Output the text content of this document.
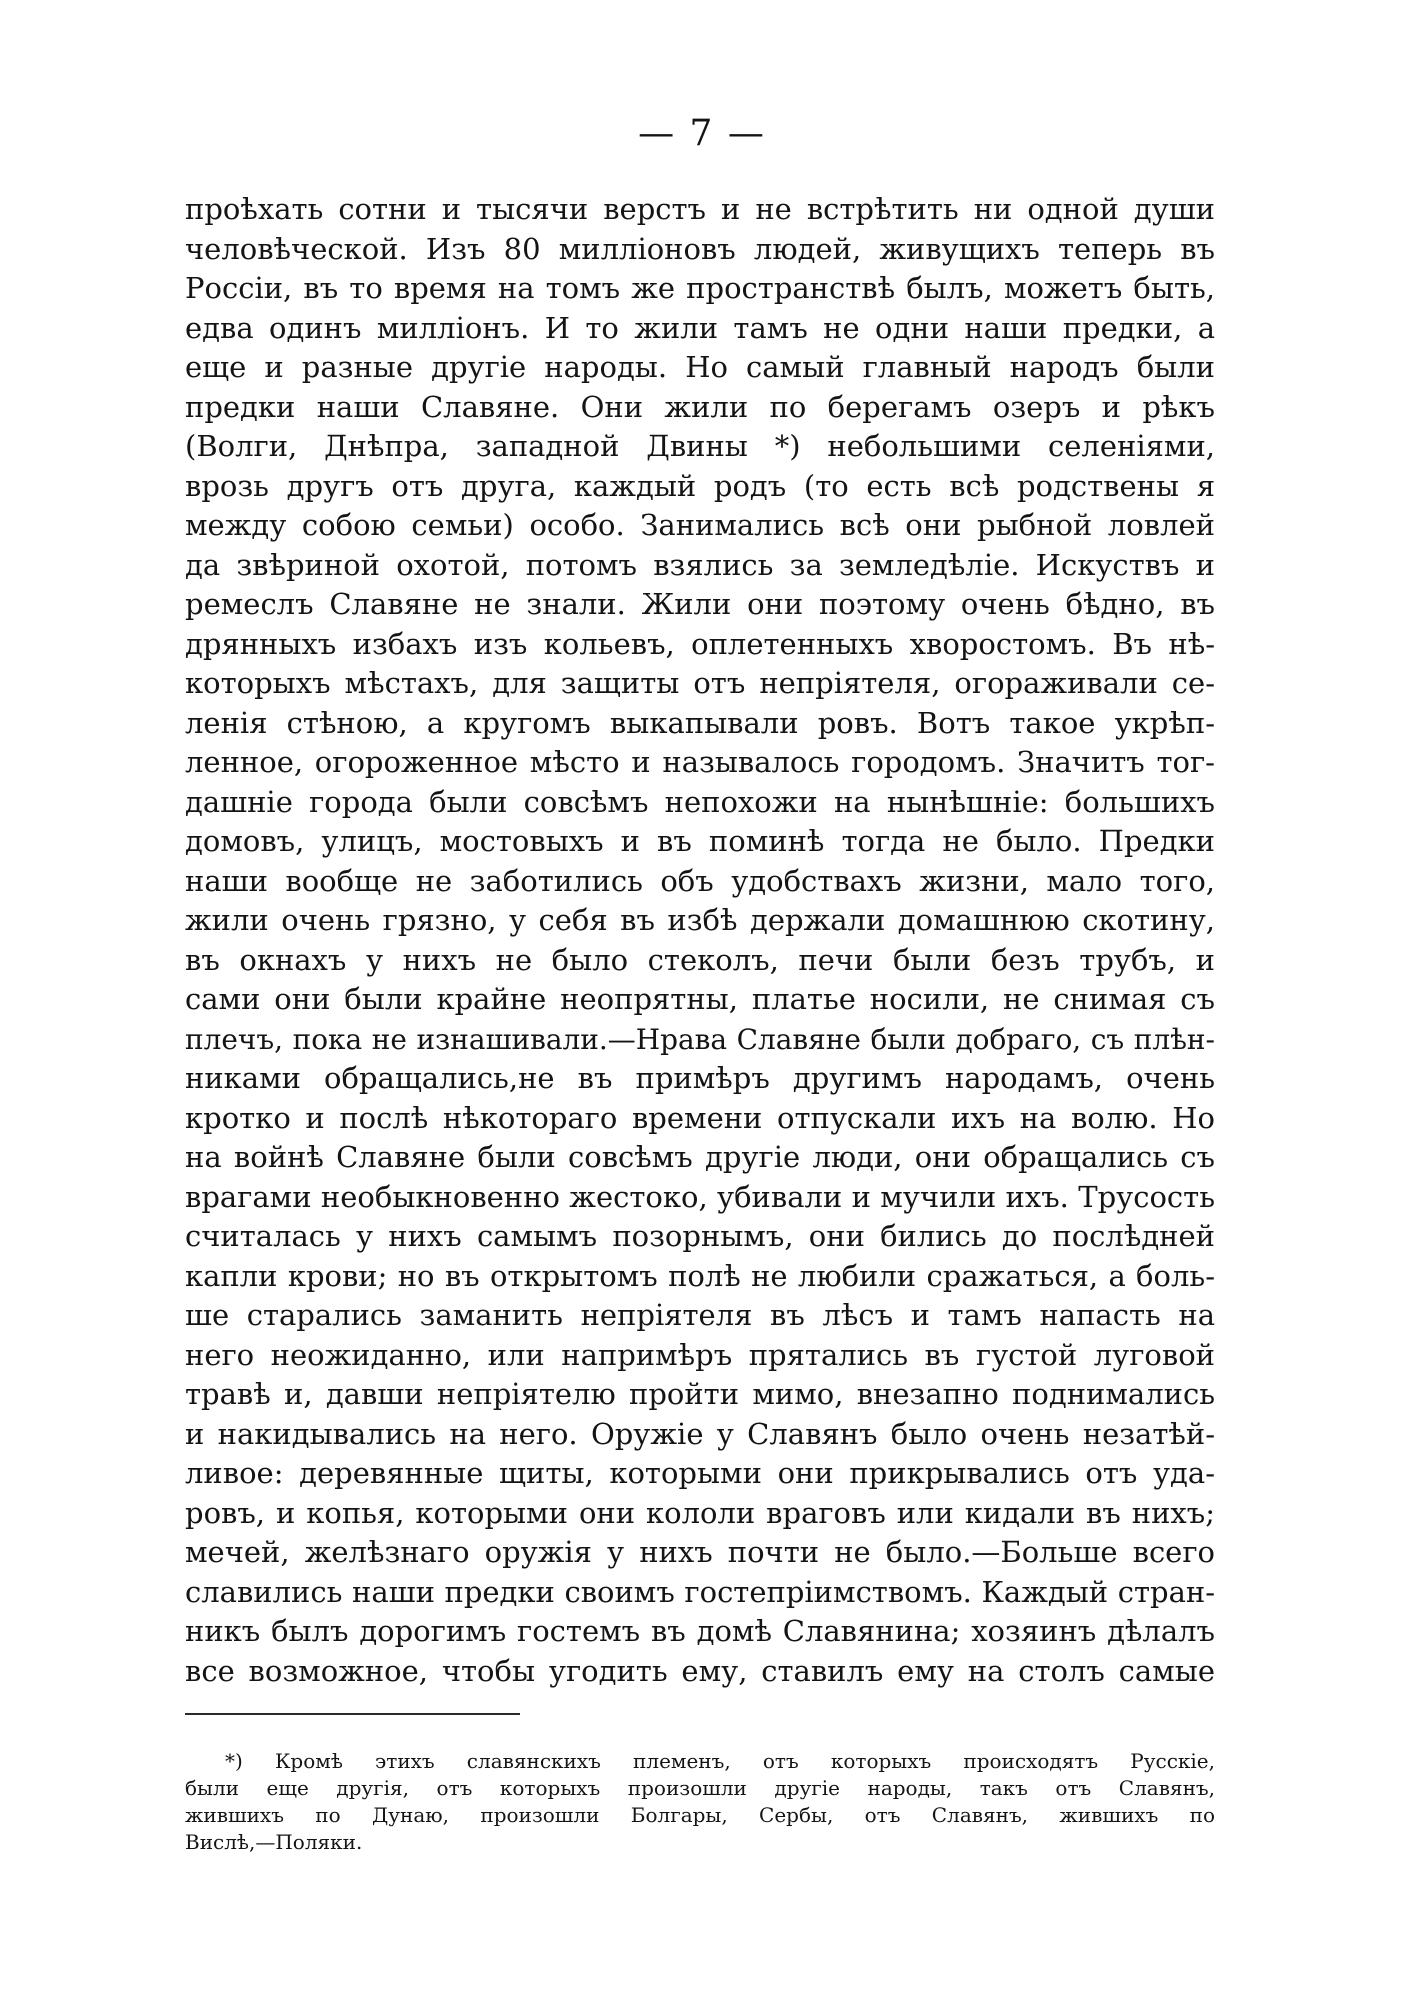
— 7 —
проѣхать сотни и тысячи верстъ и не встрѣтить ни одной души
человѣческой. Изъ 80 милліоновъ людей, живущихъ теперь въ
Россіи, въ то время на томъ же пространствѣ былъ, можетъ быть,
едва одинъ милліонъ. И то жили тамъ не одни наши предки, а
еще и разные другіе народы. Но самый главный народъ были
предки наши Славяне. Они жили по берегамъ озеръ и рѣкъ
(Волги, Днѣпра, западной Двины *) небольшими селеніями,
врозь другъ отъ друга, каждый родъ (то есть всѣ родствены я
между собою семьи) особо. Занимались всѣ они рыбной ловлей
да звѣриной охотой, потомъ взялись за земледѣліе. Искуствъ и
ремеслъ Славяне не знали. Жили они поэтому очень бѣдно, въ
дрянныхъ избахъ изъ кольевъ, оплетенныхъ хворостомъ. Въ нѣ-
которыхъ мѣстахъ, для защиты отъ непріятеля, огораживали се-
ленія стѣною, а кругомъ выкапывали ровъ. Вотъ такое укрѣп-
ленное, огороженное мѣсто и называлось городомъ. Значитъ тог-
дашніе города были совсѣмъ непохожи на нынѣшніе: большихъ
домовъ, улицъ, мостовыхъ и въ поминѣ тогда не было. Предки
наши вообще не заботились объ удобствахъ жизни, мало того,
жили очень грязно, у себя въ избѣ держали домашнюю скотину,
въ окнахъ у нихъ не было стеколъ, печи были безъ трубъ, и
сами они были крайне неопрятны, платье носили, не снимая съ
плечъ, пока не изнашивали.—Нрава Славяне были добраго, съ плѣн-
никами обращались,не въ примѣръ другимъ народамъ, очень
кротко и послѣ нѣкотораго времени отпускали ихъ на волю. Но
на войнѣ Славяне были совсѣмъ другіе люди, они обращались съ
врагами необыкновенно жестоко, убивали и мучили ихъ. Трусость
считалась у нихъ самымъ позорнымъ, они бились до послѣдней
капли крови; но въ открытомъ полѣ не любили сражаться, а боль-
ше старались заманить непріятеля въ лѣсъ и тамъ напасть на
него неожиданно, или напримѣръ прятались въ густой луговой
травѣ и, давши непріятелю пройти мимо, внезапно поднимались
и накидывались на него. Оружіе у Славянъ было очень незатѣй-
ливое: деревянные щиты, которыми они прикрывались отъ уда-
ровъ, и копья, которыми они кололи враговъ или кидали въ нихъ;
мечей, желѣзнаго оружія у нихъ почти не было.—Больше всего
славились наши предки своимъ гостепріимствомъ. Каждый стран-
никъ былъ дорогимъ гостемъ въ домѣ Славянина; хозяинъ дѣлалъ
все возможное, чтобы угодить ему, ставилъ ему на столъ самые
*) Кромѣ этихъ славянскихъ племенъ, отъ которыхъ происходятъ Русскіе,
были еще другія, отъ которыхъ произошли другіе народы, такъ отъ Славянъ,
жившихъ по Дунаю, произошли Болгары, Сербы, отъ Славянъ, жившихъ по
Вислѣ,—Поляки.
